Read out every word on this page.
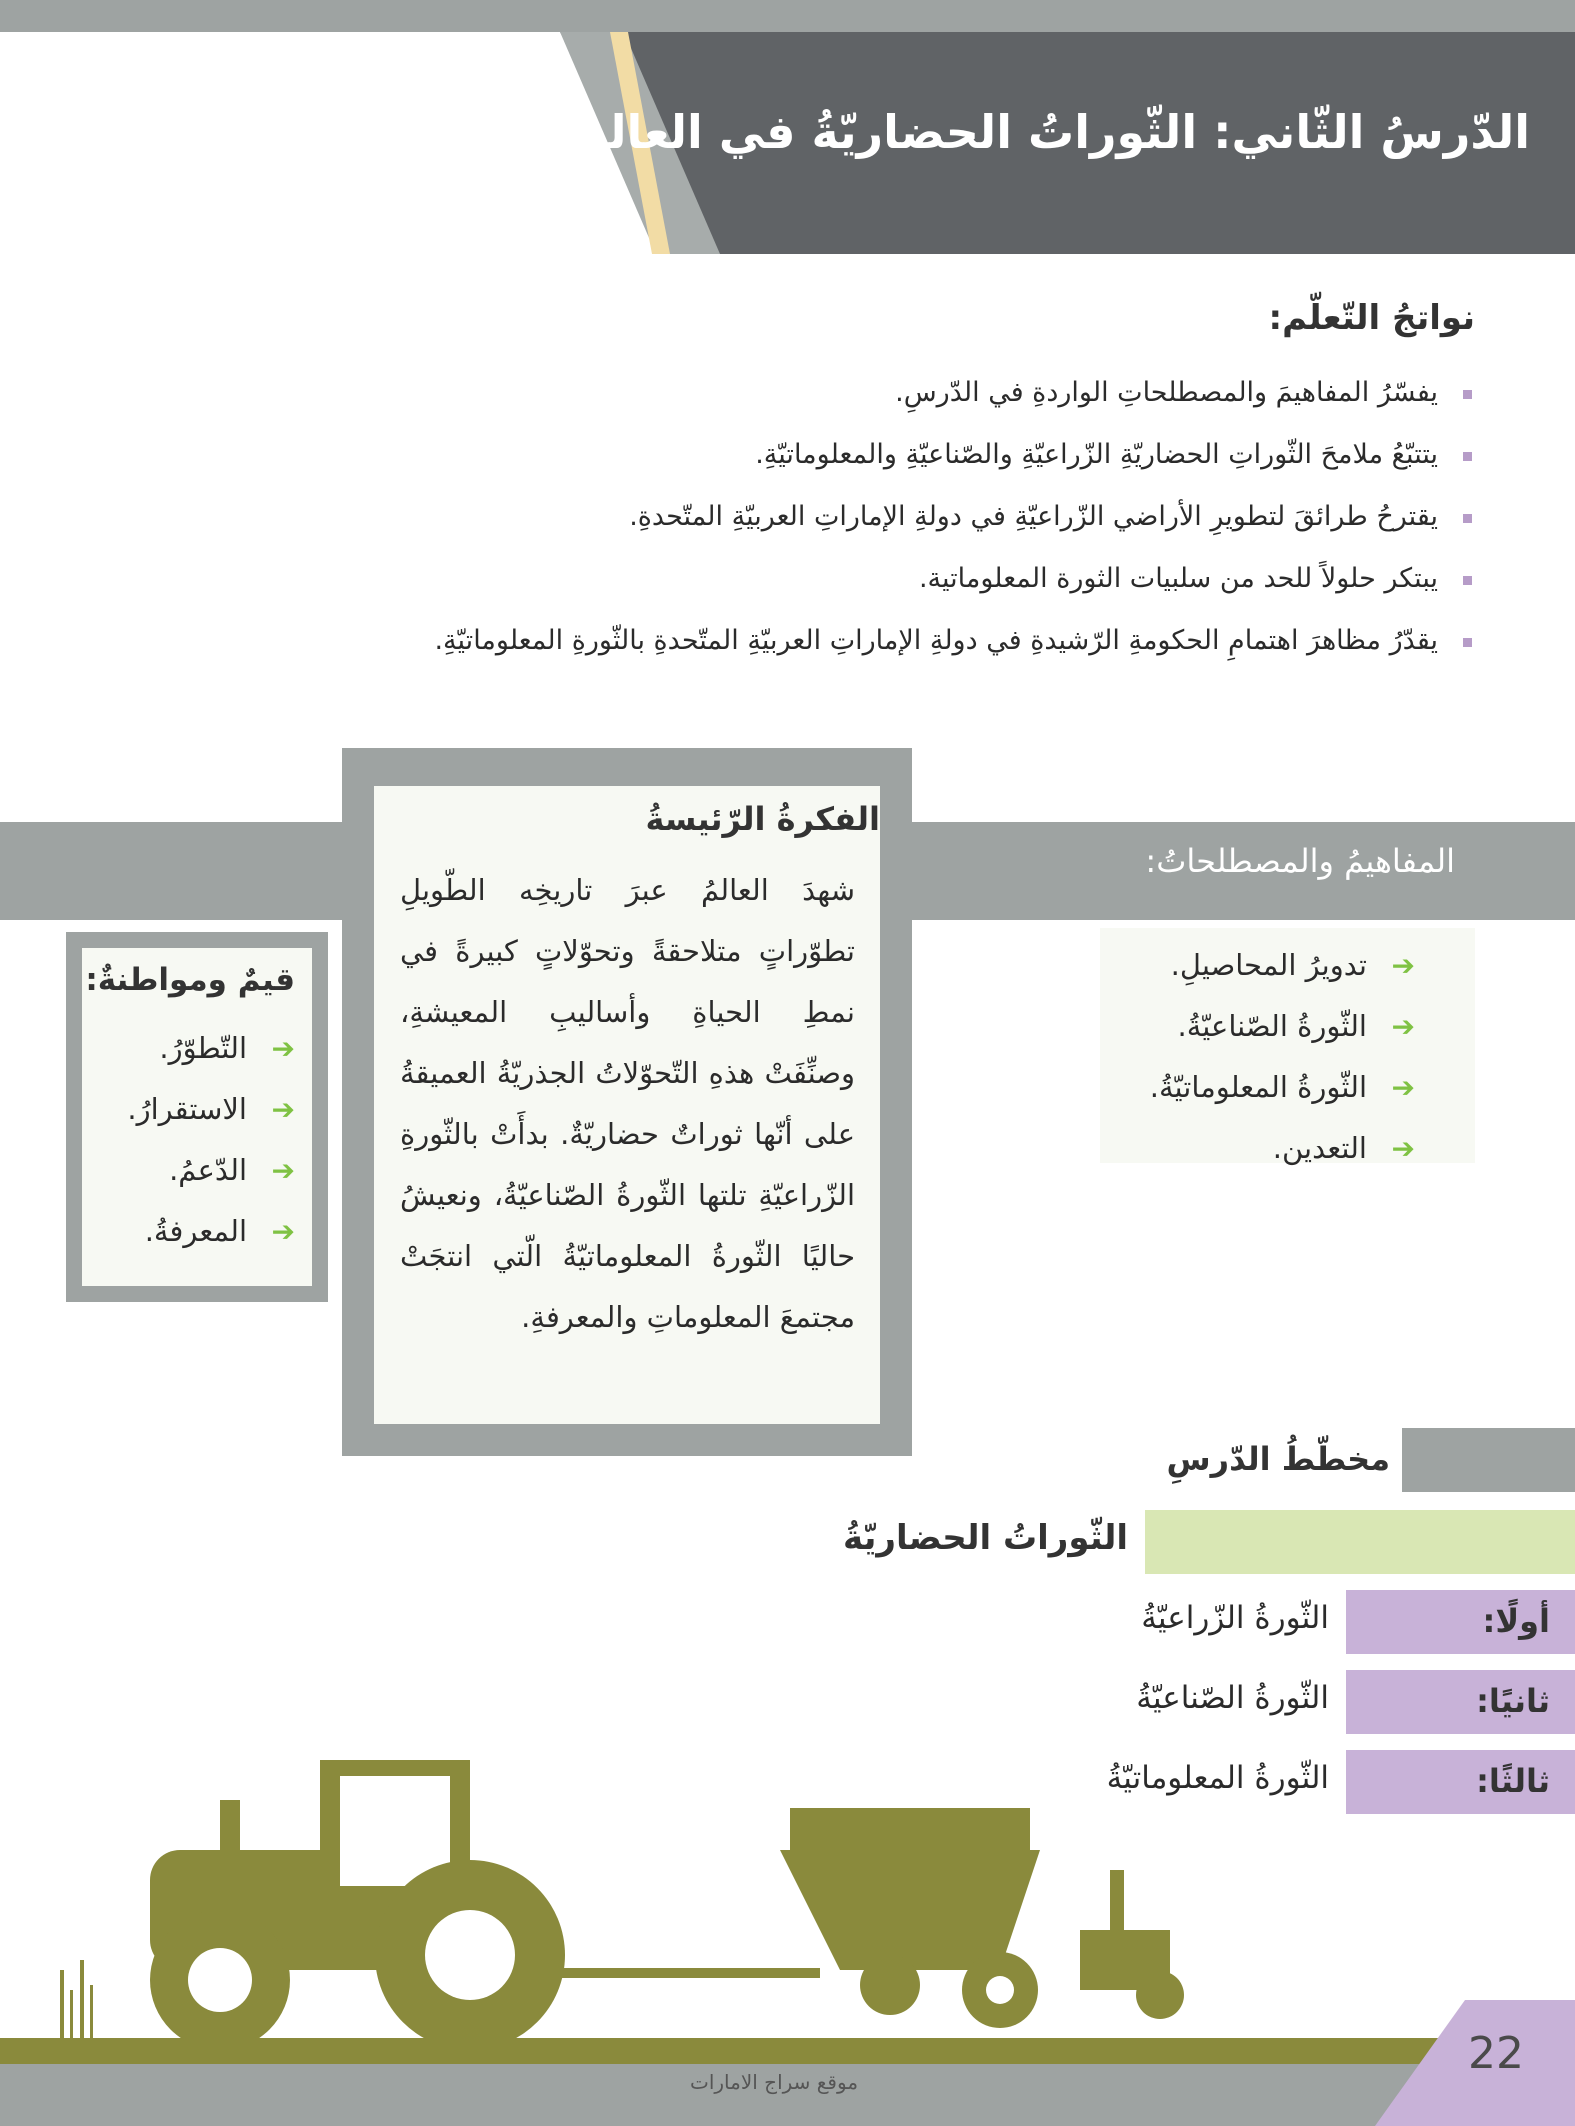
الدّرسُ الثّاني: الثّوراتُ الحضاريّةُ في العالمِ
نواتجُ التّعلّم:
يفسّرُ المفاهيمَ والمصطلحاتِ الواردةِ في الدّرسِ.
يتتبّعُ ملامحَ الثّوراتِ الحضاريّةِ الزّراعيّةِ والصّناعيّةِ والمعلوماتيّةِ.
يقترحُ طرائقَ لتطويرِ الأراضي الزّراعيّةِ في دولةِ الإماراتِ العربيّةِ المتّحدةِ.
يبتكر حلولاً للحد من سلبيات الثورة المعلوماتية.
يقدّرُ مظاهرَ اهتمامِ الحكومةِ الرّشيدةِ في دولةِ الإماراتِ العربيّةِ المتّحدةِ بالثّورةِ المعلوماتيّةِ.
المفاهيمُ والمصطلحاتُ:
➔
تدويرُ المحاصيلِ.
➔
الثّورةُ الصّناعيّةُ.
➔
الثّورةُ المعلوماتيّةُ.
➔
التعدين.
الفكرةُ الرّئيسةُ

شهدَ العالمُ عبرَ تاريخِه الطّويلِ تطوّراتٍ متلاحقةً وتحوّلاتٍ كبيرةً في نمطِ الحياةِ وأساليبِ المعيشةِ، وصنِّفَتْ هذهِ التّحوّلاتُ الجذريّةُ العميقةُ على أنّها ثوراتٌ حضاريّةٌ. بدأَتْ بالثّورةِ الزّراعيّةِ تلتها الثّورةُ الصّناعيّةُ، ونعيشُ حاليًا الثّورةُ المعلوماتيّةُ الّتي انتجَتْ مجتمعَ المعلوماتِ والمعرفةِ.

قيمٌ ومواطنةٌ:
➔
التّطوّرُ.
➔
الاستقرارُ.
➔
الدّعمُ.
➔
المعرفةُ.
مخطّطُ الدّرسِ
الثّوراتُ الحضاريّةُ
أولًا:
الثّورةُ الزّراعيّةُ
ثانيًا:
الثّورةُ الصّناعيّةُ
ثالثًا:
الثّورةُ المعلوماتيّةُ
موقع سراج الامارات
22
